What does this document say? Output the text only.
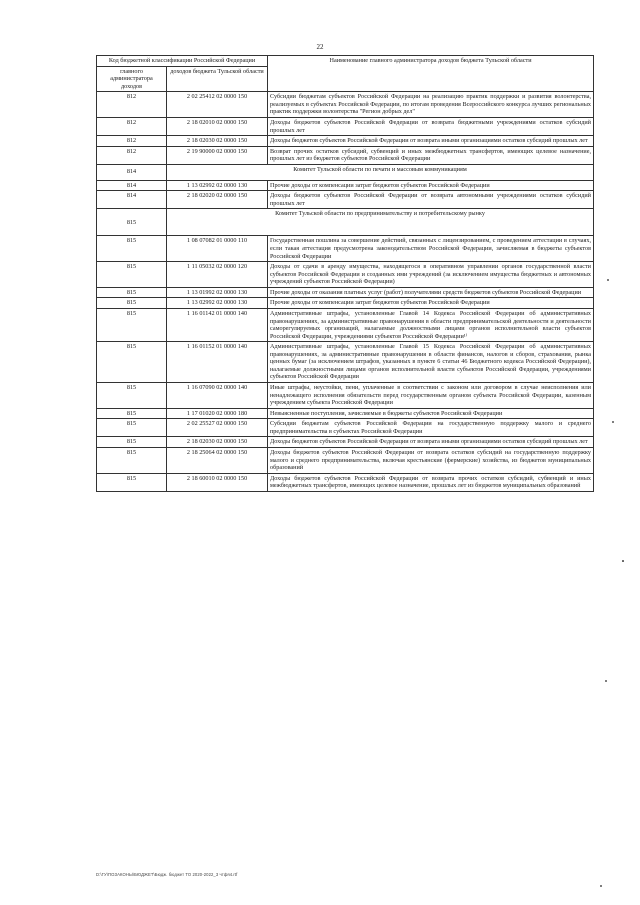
22
Код бюджетной классификации Российской Федерации		Наименование главного администратора доходов бюджета Тульской области
главного администратора доходов	доходов бюджета Тульской области	
812	2 02 25412 02 0000 150	Субсидии бюджетам субъектов Российской Федерации на реализацию практик поддержки и развития волонтерства, реализуемых в субъектах Российской Федерации, по итогам проведения Всероссийского конкурса лучших региональных практик поддержки волонтерства "Регион добрых дел"
812	2 18 02010 02 0000 150	Доходы бюджетов субъектов Российской Федерации от возврата бюджетными учреждениями остатков субсидий прошлых лет
812	2 18 02030 02 0000 150	Доходы бюджетов субъектов Российской Федерации от возврата иными организациями остатков субсидий прошлых лет
812	2 19 90000 02 0000 150	Возврат прочих остатков субсидий, субвенций и иных межбюджетных трансфертов, имеющих целевое назначение, прошлых лет из бюджетов субъектов Российской Федерации
814	Комитет Тульской области по печати и массовым коммуникациям	
814	1 13 02992 02 0000 130	Прочие доходы от компенсации затрат бюджетов субъектов Российской Федерации
814	2 18 02020 02 0000 150	Доходы бюджетов субъектов Российской Федерации от возврата автономными учреждениями остатков субсидий прошлых лет
815	Комитет Тульской области по предпринимательству и потребительскому рынку	
815	1 08 07082 01 0000 110	Государственная пошлина за совершение действий, связанных с лицензированием, с проведением аттестации в случаях, если такая аттестация предусмотрена законодательством Российской Федерации, зачисляемая в бюджеты субъектов Российской Федерации
815	1 11 05032 02 0000 120	Доходы от сдачи в аренду имущества, находящегося в оперативном управлении органов государственной власти субъектов Российской Федерации и созданных ими учреждений (за исключением имущества бюджетных и автономных учреждений субъектов Российской Федерации)
815	1 13 01992 02 0000 130	Прочие доходы от оказания платных услуг (работ) получателями средств бюджетов субъектов Российской Федерации
815	1 13 02992 02 0000 130	Прочие доходы от компенсации затрат бюджетов субъектов Российской Федерации
815	1 16 01142 01 0000 140	Административные штрафы, установленные Главой 14 Кодекса Российской Федерации об административных правонарушениях, за административные правонарушения в области предпринимательской деятельности и деятельности саморегулируемых организаций, налагаемые должностными лицами органов исполнительной власти субъектов Российской Федерации, учреждениями субъектов Российской Федерации¹⁾
815	1 16 01152 01 0000 140	Административные штрафы, установленные Главой 15 Кодекса Российской Федерации об административных правонарушениях, за административные правонарушения в области финансов, налогов и сборов, страхования, рынка ценных бумаг (за исключением штрафов, указанных в пункте 6 статьи 46 Бюджетного кодекса Российской Федерации), налагаемые должностными лицами органов исполнительной власти субъектов Российской Федерации, учреждениями субъектов Российской Федерации
815	1 16 07090 02 0000 140	Иные штрафы, неустойки, пени, уплаченные в соответствии с законом или договором в случае неисполнения или ненадлежащего исполнения обязательств перед государственным органом субъекта Российской Федерации, казенным учреждением субъекта Российской Федерации
815	1 17 01020 02 0000 180	Невыясненные поступления, зачисляемые в бюджеты субъектов Российской Федерации
815	2 02 25527 02 0000 150	Субсидии бюджетам субъектов Российской Федерации на государственную поддержку малого и среднего предпринимательства в субъектах Российской Федерации
815	2 18 02030 02 0000 150	Доходы бюджетов субъектов Российской Федерации от возврата иными организациями остатков субсидий прошлых лет
815	2 18 25064 02 0000 150	Доходы бюджетов субъектов Российской Федерации от возврата остатков субсидий на государственную поддержку малого и среднего предпринимательства, включая крестьянские (фермерские) хозяйства, из бюджетов муниципальных образований
815	2 18 60010 02 0000 150	Доходы бюджетов субъектов Российской Федерации от возврата прочих остатков субсидий, субвенций и иных межбюджетных трансфертов, имеющих целевое назначение, прошлых лет из бюджетов муниципальных образований
D:\ГУ\ПОЗАКОНЫ\БЮДЖЕТ\Бюдж. бюджет ТО 2020-2022_3 чтфя4.rtf
